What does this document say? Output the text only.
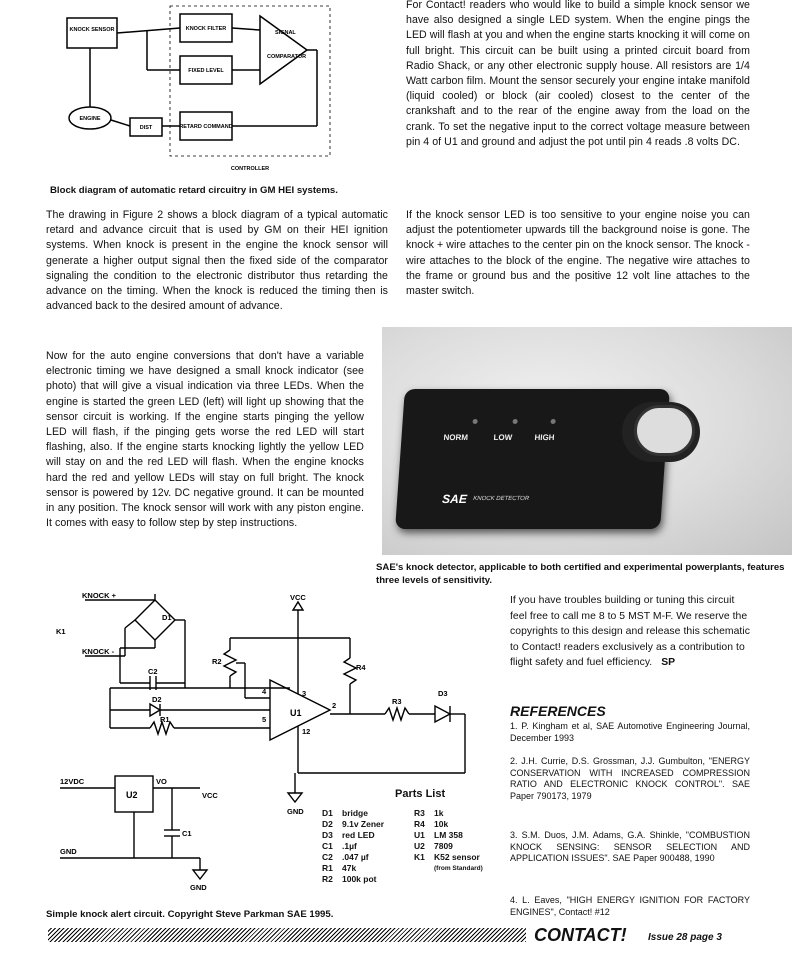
KNOCK SENSOR	KNOCK FILTER
SIGNAL
COMPARATOR
FIXED LEVEL
ENGINE
DIST	RETARD COMMAND
CONTROLLER
Block diagram of automatic retard circuitry in GM HEI systems.
The drawing in Figure 2 shows a block diagram of a typical automatic retard and advance circuit that is used by GM on their HEI ignition systems. When knock is present in the engine the knock sensor will generate a higher output signal then the fixed side of the comparator signaling the condition to the electronic distributor thus retarding the advance on the timing. When the knock is reduced the timing then is advanced back to the desired amount of advance.
Now for the auto engine conversions that don't have a variable electronic timing we have designed a small knock indicator (see photo) that will give a visual indication via three LEDs. When the engine is started the green LED (left) will light up showing that the sensor circuit is working. If the engine starts pinging the yellow LED will flash, if the pinging gets worse the red LED will start flashing, also. If the engine starts knocking lightly the yellow LED will stay on and the red LED will flash. When the engine knocks hard the red and yellow LEDs will stay on full bright. The knock sensor is powered by 12v. DC negative ground. It can be mounted in any position. The knock sensor will work with any piston engine. It comes with easy to follow step by step instructions.
For Contact! readers who would like to build a simple knock sensor we have also designed a single LED system. When the engine pings the LED will flash at you and when the engine starts knocking it will come on full bright. This circuit can be built using a printed circuit board from Radio Shack, or any other electronic supply house. All resistors are 1/4 Watt carbon film. Mount the sensor securely your engine intake manifold (liquid cooled) or block (air cooled) closest to the center of the crankshaft and to the rear of the engine away from the load on the crank. To set the negative input to the correct voltage measure between pin 4 of U1 and ground and adjust the pot until pin 4 reads .8 volts DC.
If the knock sensor LED is too sensitive to your engine noise you can adjust the potentiometer upwards till the background noise is gone. The knock + wire attaches to the center pin on the knock sensor. The knock - wire attaches to the block of the engine. The negative wire attaches to the frame or ground bus and the positive 12 volt line attaches to the master switch.
NORM	LOW	HIGH
SAE KNOCK DETECTOR
SAE's knock detector, applicable to both certified and experimental powerplants, features three levels of sensitivity.
If you have troubles building or tuning this circuit feel free to call me 8 to 5 MST M-F. We reserve the copyrights to this design and release this schematic to Contact! readers exclusively as a contribution to flight safety and fuel efficiency. SP
REFERENCES
1. P. Kingham et al, SAE Automotive Engineering Journal, December 1993
2. J.H. Currie, D.S. Grossman, J.J. Gumbulton, "ENERGY CONSERVATION WITH INCREASED COMPRESSION RATIO AND ELECTRONIC KNOCK CONTROL". SAE Paper 790173, 1979
3. S.M. Duos, J.M. Adams, G.A. Shinkle, "COMBUSTION KNOCK SENSING: SENSOR SELECTION AND APPLICATION ISSUES". SAE Paper 900488, 1990
4. L. Eaves, "HIGH ENERGY IGNITION FOR FACTORY ENGINES", Contact! #12
KNOCK +
KNOCK -
K1
D1
C2
D2
R1
VCC
R2
R4
U1
4	3
5
2
12
R3
D3
GND
12VDC
U2
VO
VCC
C1
GND
GND
Parts List
D1 bridge
D2 9.1v Zener
D3 red LED
C1 .1µf
C2 .047 µf
R1 47k
R2 100k pot
R3 1k
R4 10k
U1 LM 358
U2 7809
K1 K52 sensor
(from Standard)
Simple knock alert circuit. Copyright Steve Parkman SAE 1995.
CONTACT! Issue 28 page 3
